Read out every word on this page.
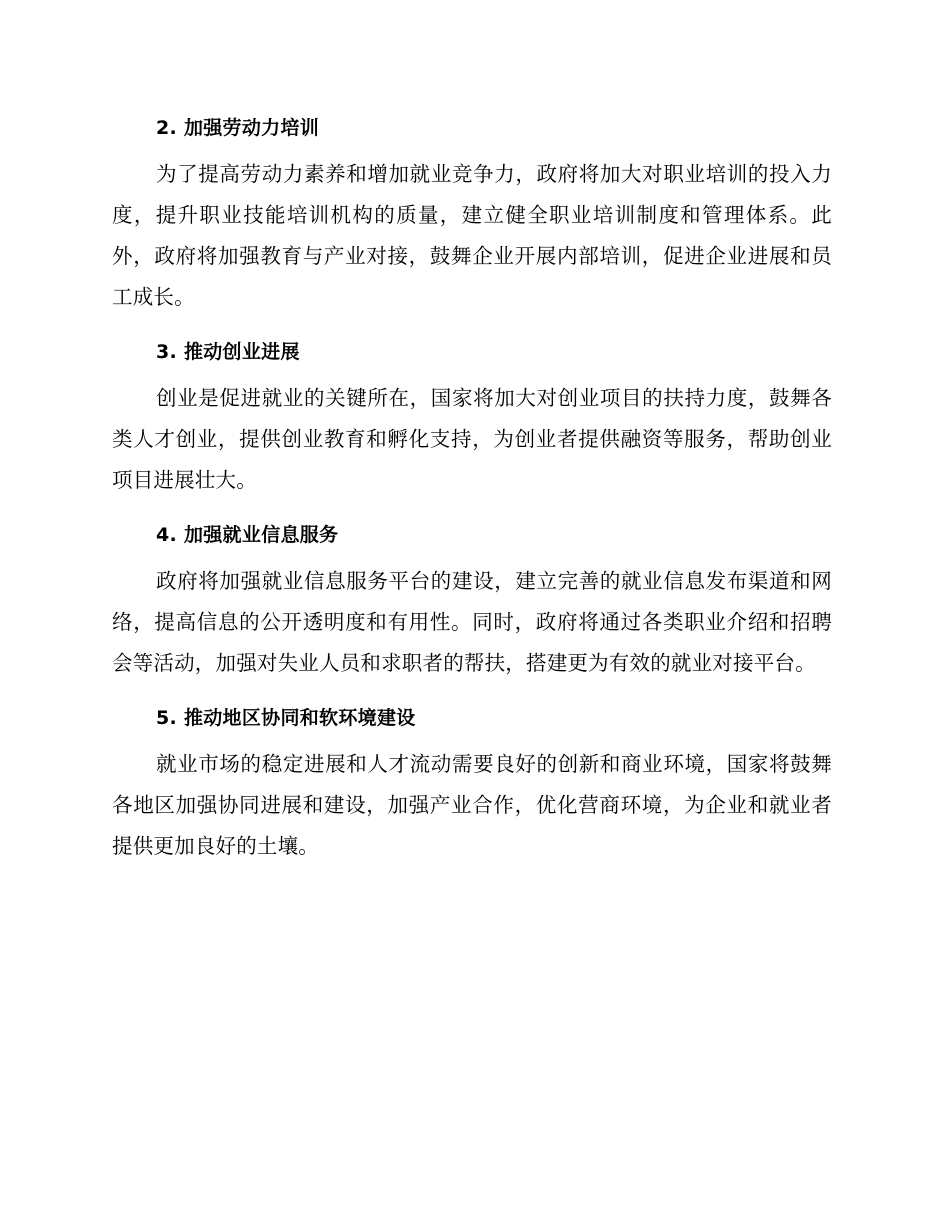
2. 加强劳动力培训

为了提高劳动力素养和增加就业竞争力，政府将加大对职业培训的投入力度，提升职业技能培训机构的质量，建立健全职业培训制度和管理体系。此外，政府将加强教育与产业对接，鼓舞企业开展内部培训，促进企业进展和员工成长。

3. 推动创业进展

创业是促进就业的关键所在，国家将加大对创业项目的扶持力度，鼓舞各类人才创业，提供创业教育和孵化支持，为创业者提供融资等服务，帮助创业项目进展壮大。

4. 加强就业信息服务

政府将加强就业信息服务平台的建设，建立完善的就业信息发布渠道和网络，提高信息的公开透明度和有用性。同时，政府将通过各类职业介绍和招聘会等活动，加强对失业人员和求职者的帮扶，搭建更为有效的就业对接平台。

5. 推动地区协同和软环境建设

就业市场的稳定进展和人才流动需要良好的创新和商业环境，国家将鼓舞各地区加强协同进展和建设，加强产业合作，优化营商环境，为企业和就业者提供更加良好的土壤。
